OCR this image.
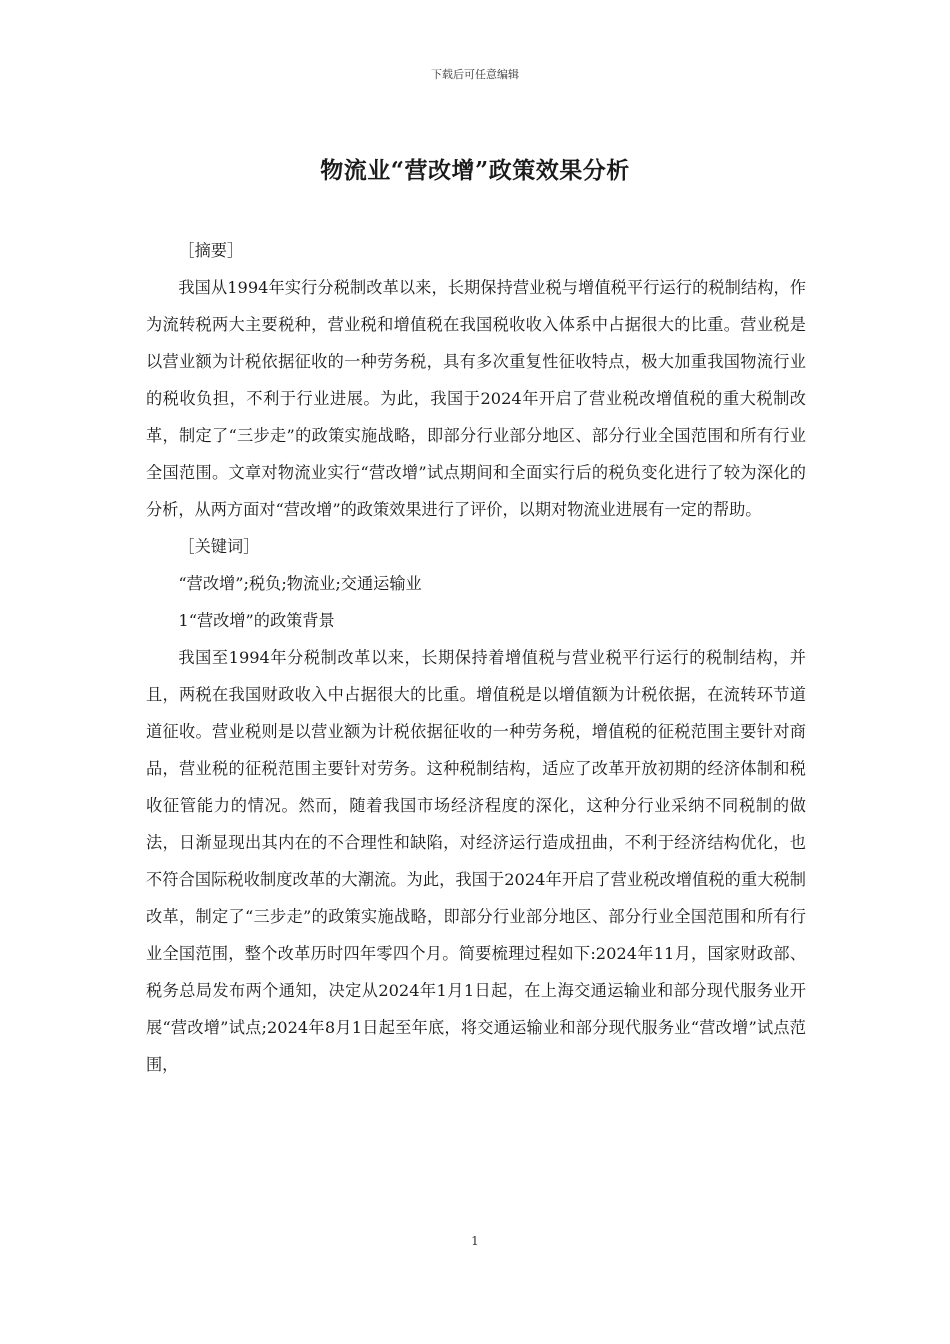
下载后可任意编辑
物流业“营改增”政策效果分析

［摘要］

我国从1994年实行分税制改革以来，长期保持营业税与增值税平行运行的税制结构，作为流转税两大主要税种，营业税和增值税在我国税收收入体系中占据很大的比重。营业税是以营业额为计税依据征收的一种劳务税，具有多次重复性征收特点，极大加重我国物流行业的税收负担，不利于行业进展。为此，我国于2024年开启了营业税改增值税的重大税制改革，制定了“三步走”的政策实施战略，即部分行业部分地区、部分行业全国范围和所有行业全国范围。文章对物流业实行“营改增”试点期间和全面实行后的税负变化进行了较为深化的分析，从两方面对“营改增”的政策效果进行了评价，以期对物流业进展有一定的帮助。

［关键词］

“营改增”;税负;物流业;交通运输业

1“营改增”的政策背景

我国至1994年分税制改革以来，长期保持着增值税与营业税平行运行的税制结构，并且，两税在我国财政收入中占据很大的比重。增值税是以增值额为计税依据，在流转环节道道征收。营业税则是以营业额为计税依据征收的一种劳务税，增值税的征税范围主要针对商品，营业税的征税范围主要针对劳务。这种税制结构，适应了改革开放初期的经济体制和税收征管能力的情况。然而，随着我国市场经济程度的深化，这种分行业采纳不同税制的做法，日渐显现出其内在的不合理性和缺陷，对经济运行造成扭曲，不利于经济结构优化，也不符合国际税收制度改革的大潮流。为此，我国于2024年开启了营业税改增值税的重大税制改革，制定了“三步走”的政策实施战略，即部分行业部分地区、部分行业全国范围和所有行业全国范围，整个改革历时四年零四个月。简要梳理过程如下:2024年11月，国家财政部、税务总局发布两个通知，决定从2024年1月1日起，在上海交通运输业和部分现代服务业开展“营改增”试点;2024年8月1日起至年底，将交通运输业和部分现代服务业“营改增”试点范围，

1
